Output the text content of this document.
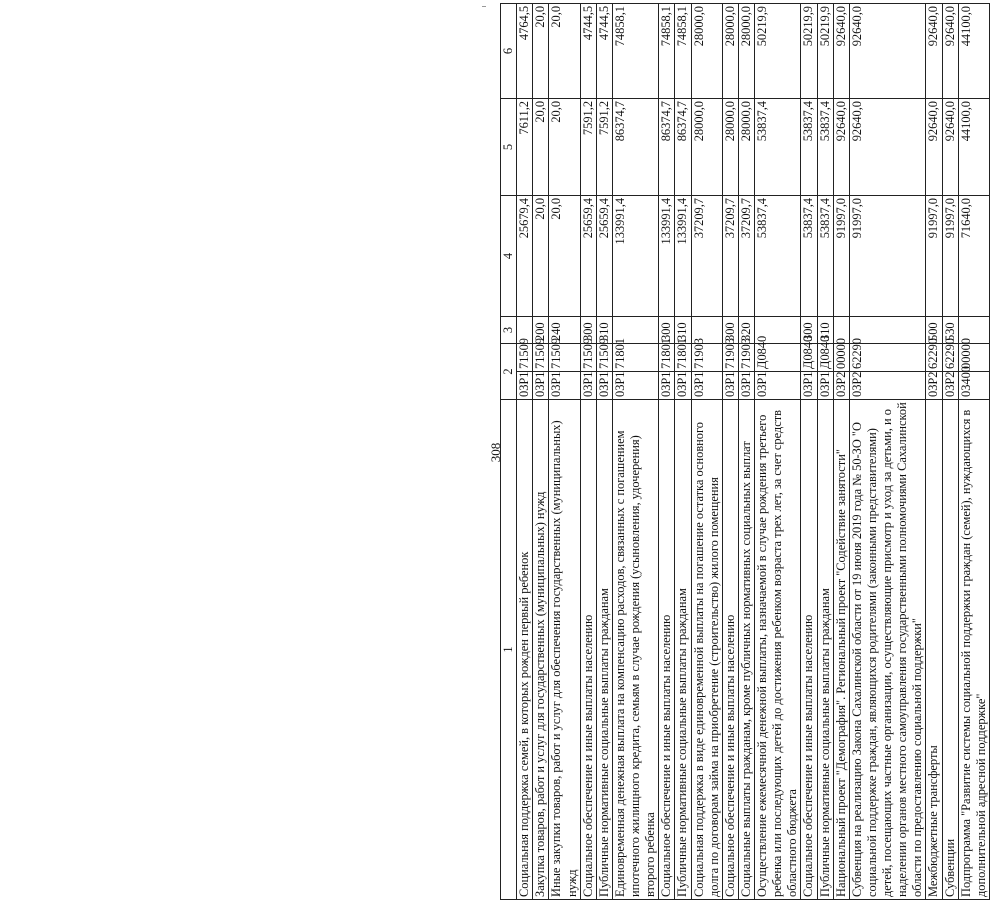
308
1	2		3	4	5	6
Социальная поддержка семей, в которых рожден первый ребенок	03Р1	71509		25679,4	7611,2	4764,5
Закупка товаров, работ и услуг для государственных (муниципальных) нужд	03Р1	71509	200	20,0	20,0	20,0
Иные закупки товаров, работ и услуг для обеспечения государственных (муниципальных) нужд	03Р1	71509	240	20,0	20,0	20,0
Социальное обеспечение и иные выплаты населению	03Р1	71509	300	25659,4	7591,2	4744,5
Публичные нормативные социальные выплаты гражданам	03Р1	71509	310	25659,4	7591,2	4744,5
Единовременная денежная выплата на компенсацию расходов, связанных с погашением ипотечного жилищного кредита, семьям в случае рождения (усыновления, удочерения) второго ребенка	03Р1	71801		133991,4	86374,7	74858,1
Социальное обеспечение и иные выплаты населению	03Р1	71801	300	133991,4	86374,7	74858,1
Публичные нормативные социальные выплаты гражданам	03Р1	71801	310	133991,4	86374,7	74858,1
Социальная поддержка в виде единовременной выплаты на погашение остатка основного долга по договорам займа на приобретение (строительство) жилого помещения	03Р1	71903		37209,7	28000,0	28000,0
Социальное обеспечение и иные выплаты населению	03Р1	71903	300	37209,7	28000,0	28000,0
Социальные выплаты гражданам, кроме публичных нормативных социальных выплат	03Р1	71903	320	37209,7	28000,0	28000,0
Осуществление ежемесячной денежной выплаты, назначаемой в случае рождения третьего ребенка или последующих детей до достижения ребенком возраста трех лет, за счет средств областного бюджета	03Р1	Д0840		53837,4	53837,4	50219,9
Социальное обеспечение и иные выплаты населению	03Р1	Д0840	300	53837,4	53837,4	50219,9
Публичные нормативные социальные выплаты гражданам	03Р1	Д0840	310	53837,4	53837,4	50219,9
Национальный проект "Демография". Региональный проект "Содействие занятости"	03Р2	00000		91997,0	92640,0	92640,0
Субвенция на реализацию Закона Сахалинской области от 19 июня 2019 года № 50-ЗО "О социальной поддержке граждан, являющихся родителями (законными представителями) детей, посещающих частные организации, осуществляющие присмотр и уход за детьми, и о наделении органов местного самоуправления государственными полномочиями Сахалинской области по предоставлению социальной поддержки"	03Р2	62290		91997,0	92640,0	92640,0
Межбюджетные трансферты	03Р2	62290	500	91997,0	92640,0	92640,0
Субвенции	03Р2	62290	530	91997,0	92640,0	92640,0
Подпрограмма "Развитие системы социальной поддержки граждан (семей), нуждающихся в дополнительной адресной поддержке"	03400	00000		71640,0	44100,0	44100,0
